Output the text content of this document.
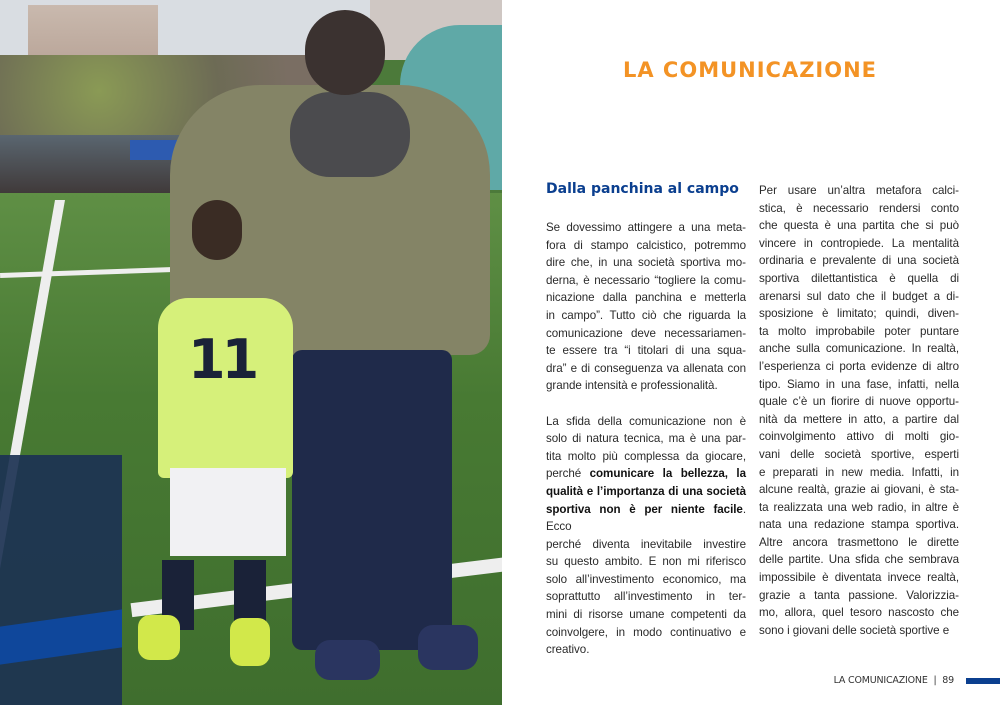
11
LA COMUNICAZIONE
Dalla panchina al campo
Se dovessimo attingere a una meta-
fora di stampo calcistico, potremmo
dire che, in una società sportiva mo-
derna, è necessario “togliere la comu-
nicazione dalla panchina e metterla
in campo”. Tutto ciò che riguarda la
comunicazione deve necessariamen-
te essere tra “i titolari di una squa-
dra” e di conseguenza va allenata con
grande intensità e professionalità.
La sfida della comunicazione non è
solo di natura tecnica, ma è una par-
tita molto più complessa da giocare,
perché comunicare la bellezza, la
qualità e l’importanza di una società
sportiva non è per niente facile. Ecco
perché diventa inevitabile investire
su questo ambito. E non mi riferisco
solo all’investimento economico, ma
soprattutto all’investimento in ter-
mini di risorse umane competenti da
coinvolgere, in modo continuativo e
creativo.
Per usare un’altra metafora calci-
stica, è necessario rendersi conto
che questa è una partita che si può
vincere in contropiede. La mentalità
ordinaria e prevalente di una società
sportiva dilettantistica è quella di
arenarsi sul dato che il budget a di-
sposizione è limitato; quindi, diven-
ta molto improbabile poter puntare
anche sulla comunicazione. In realtà,
l’esperienza ci porta evidenze di altro
tipo. Siamo in una fase, infatti, nella
quale c’è un fiorire di nuove opportu-
nità da mettere in atto, a partire dal
coinvolgimento attivo di molti gio-
vani delle società sportive, esperti
e preparati in new media. Infatti, in
alcune realtà, grazie ai giovani, è sta-
ta realizzata una web radio, in altre è
nata una redazione stampa sportiva.
Altre ancora trasmettono le dirette
delle partite. Una sfida che sembrava
impossibile è diventata invece realtà,
grazie a tanta passione. Valorizzia-
mo, allora, quel tesoro nascosto che
sono i giovani delle società sportive e
LA COMUNICAZIONE | 89
